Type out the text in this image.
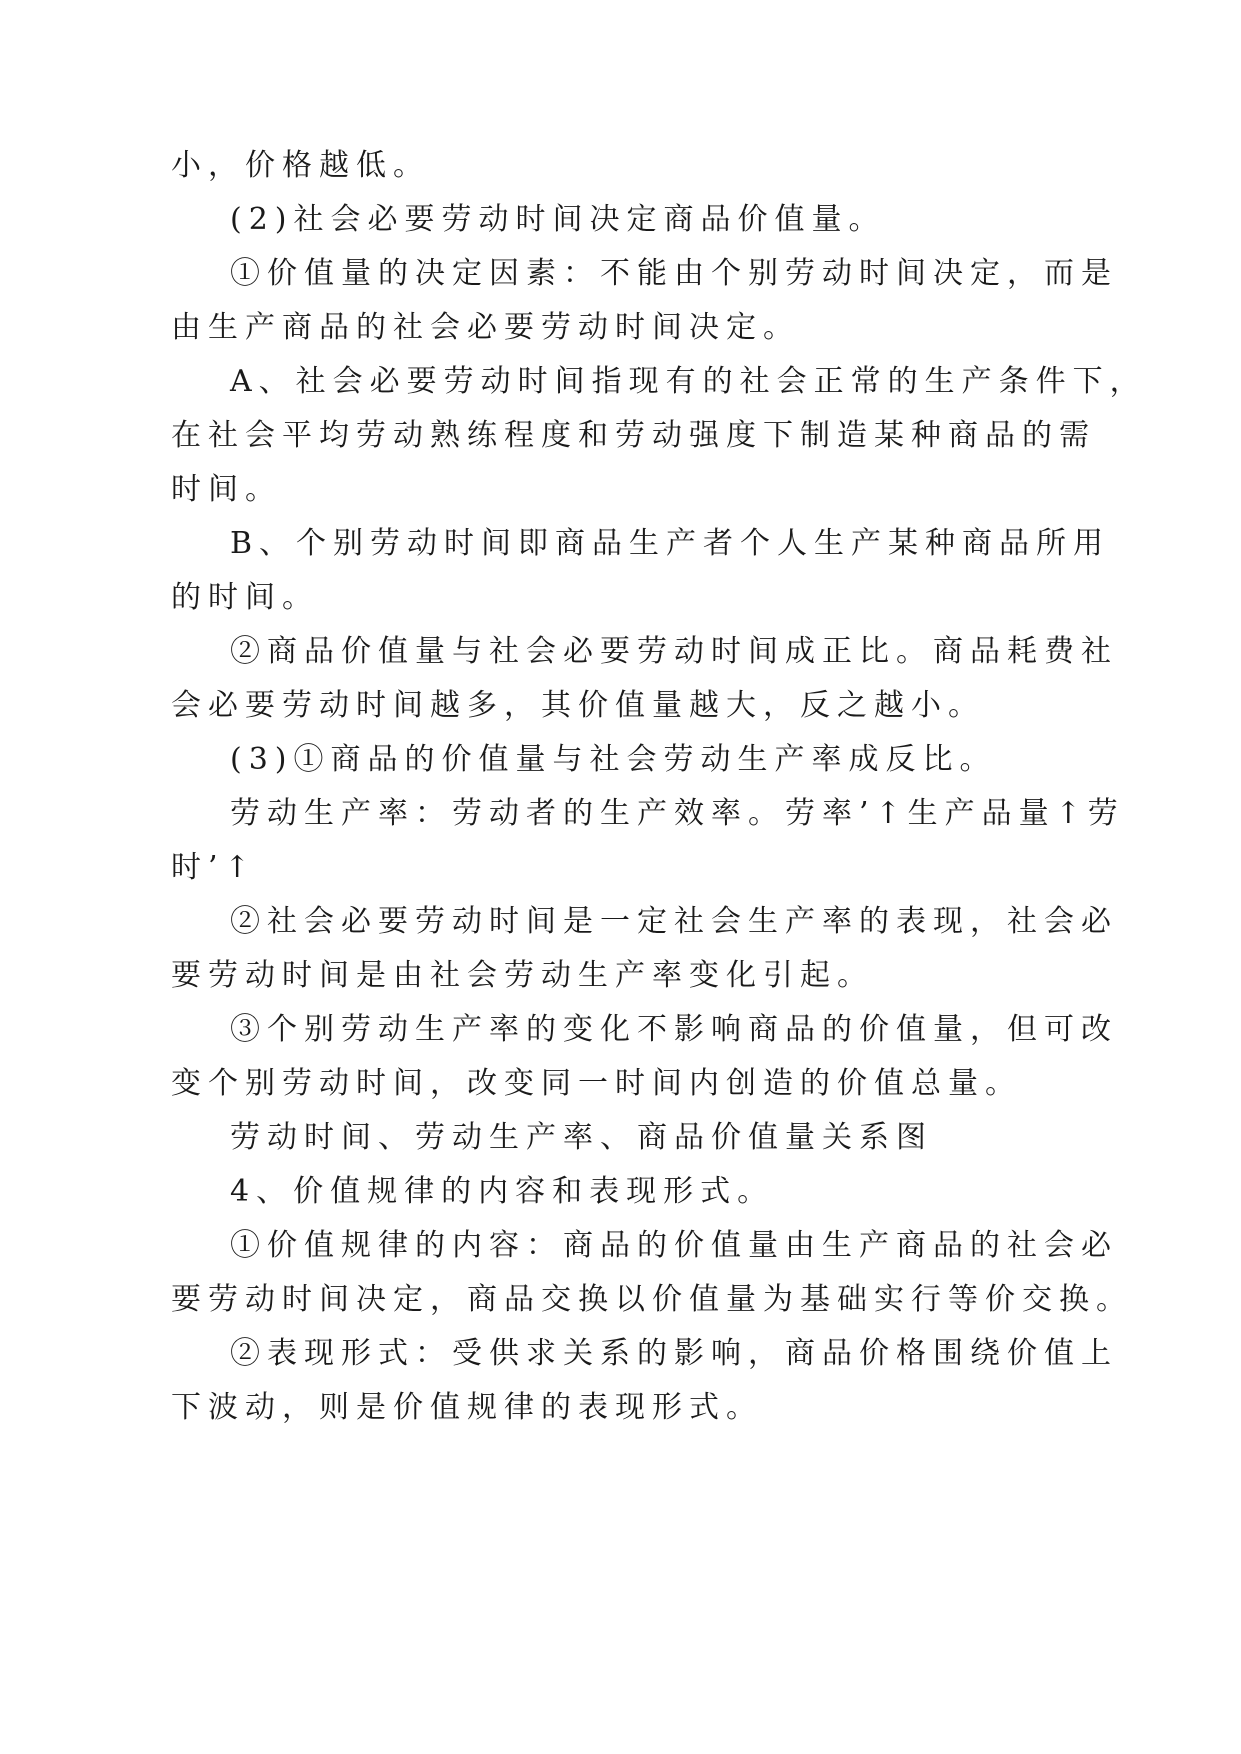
小，价格越低。
(2)社会必要劳动时间决定商品价值量。
①价值量的决定因素：不能由个别劳动时间决定，而是
由生产商品的社会必要劳动时间决定。
A、社会必要劳动时间指现有的社会正常的生产条件下，
在社会平均劳动熟练程度和劳动强度下制造某种商品的需
时间。
B、个别劳动时间即商品生产者个人生产某种商品所用
的时间。
②商品价值量与社会必要劳动时间成正比。商品耗费社
会必要劳动时间越多，其价值量越大，反之越小。
(3)①商品的价值量与社会劳动生产率成反比。
劳动生产率：劳动者的生产效率。劳率’↑生产品量↑劳
时’↑
②社会必要劳动时间是一定社会生产率的表现，社会必
要劳动时间是由社会劳动生产率变化引起。
③个别劳动生产率的变化不影响商品的价值量，但可改
变个别劳动时间，改变同一时间内创造的价值总量。
劳动时间、劳动生产率、商品价值量关系图
4、价值规律的内容和表现形式。
①价值规律的内容：商品的价值量由生产商品的社会必
要劳动时间决定，商品交换以价值量为基础实行等价交换。
②表现形式：受供求关系的影响，商品价格围绕价值上
下波动，则是价值规律的表现形式。
